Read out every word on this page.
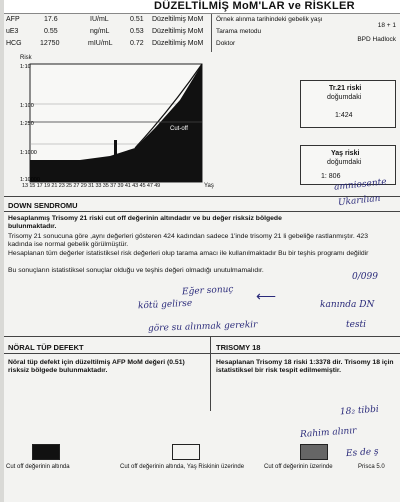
DÜZELTİLMİŞ MoM'LAR ve RİSKLER
AFP	17.6	IU/mL	0.51 Düzeltilmiş MoM
uE3	0.55	ng/mL	0.53 Düzeltilmiş MoM
HCG	12750	mIU/mL	0.72 Düzeltilmiş MoM
Örnek alınma tarihindeki gebelik yaşı
18 + 1
Tarama metodu
BPD Hadlock
Doktor
Risk
Cut-off
1:10
1:100
1:250
1:1000
1:10000
13 15 17 19 21 23 25 27 29 31 33 35 37 39 41 43 45 47 49	Yaş
Tr.21 riski
doğumdaki
1:424
Yaş riski
doğumdaki
1: 806
DOWN SENDROMU
Hesaplanmış Trisomy 21 riski cut off değerinin altındadır ve bu değer risksiz bölgede bulunmaktadır.
Trisomy 21 sonucuna göre ,aynı değerleri gösteren 424 kadından sadece 1'inde trisomy 21 li gebeliğe rastlanmıştır. 423 kadında ise normal gebelik görülmüştür.
Hesaplanan tüm değerler istatistiksel risk değerleri olup tarama amacı ile kullanılmaktadır Bu bir teşhis programı değildir
Bu sonuçların istatistiksel sonuçlar olduğu ve teşhis değeri olmadığı unutulmamalıdır.
amniosente
Ukarılıan
0/099
Eğer sonuç
kötü gelirse
⟵
kanında DN
göre su alınmak gerekir	testi
NÖRAL TÜP DEFEKT	TRISOMY 18
Nöral tüp defekt için düzeltilmiş AFP MoM değeri (0.51) risksiz bölgede bulunmaktadır.
Hesaplanan Trisomy 18 riski 1:3378 dir. Trisomy 18 için istatistiksel bir risk tespit edilmemiştir.
18₂ tibbi
Rahim alınır
Es de ş
Cut off değerinin altında	Cut off değerinin altında, Yaş Riskinin üzerinde	Cut off değerinin üzerinde	Prisca 5.0
